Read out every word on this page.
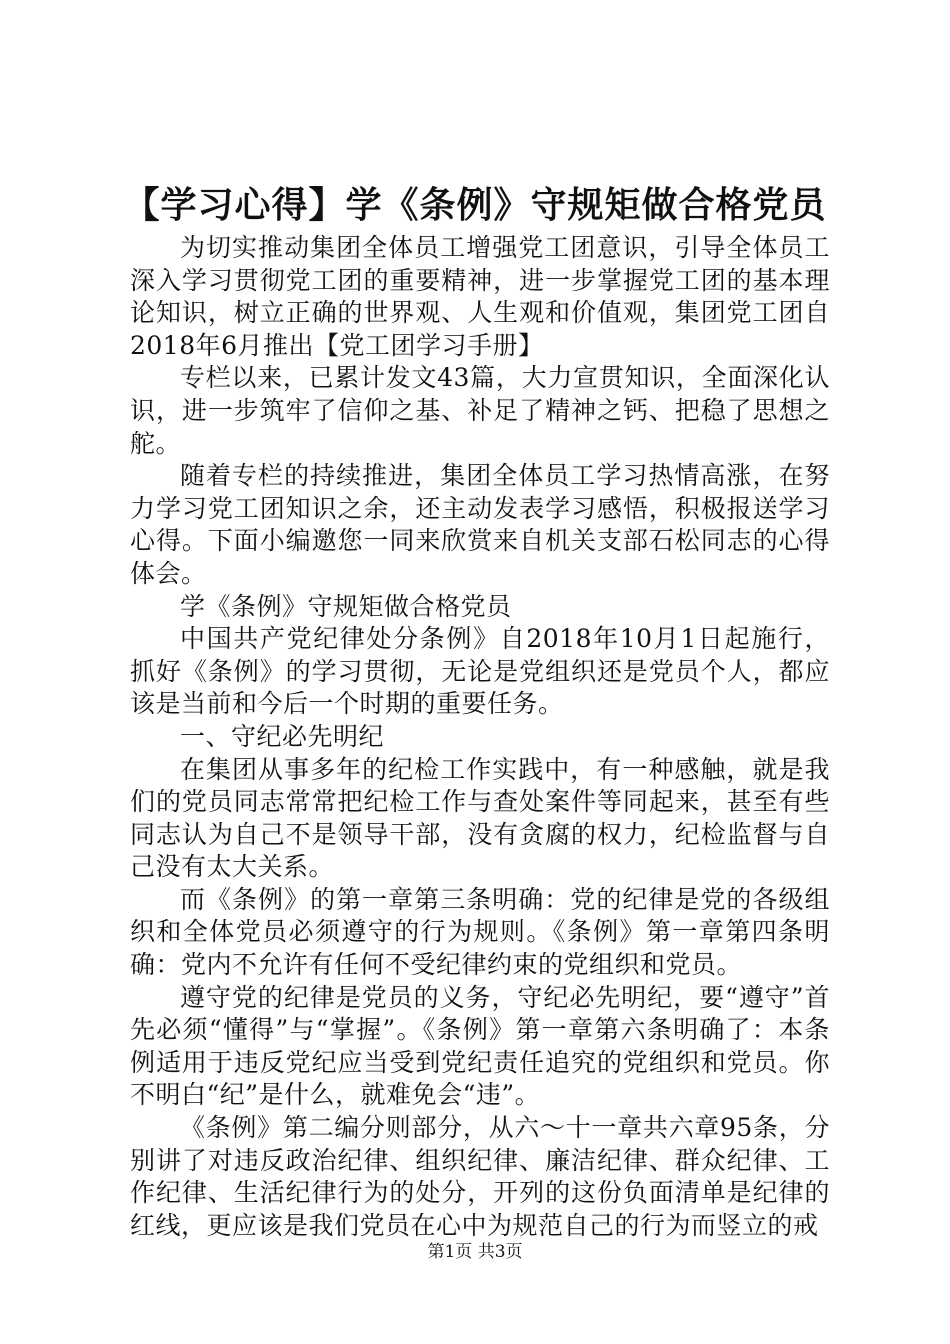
【学习心得】学《条例》守规矩做合格党员

为切实推动集团全体员工增强党工团意识，引导全体员工深入学习贯彻党工团的重要精神，进一步掌握党工团的基本理论知识，树立正确的世界观、人生观和价值观，集团党工团自2018年6月推出【党工团学习手册】

专栏以来，已累计发文43篇，大力宣贯知识，全面深化认识，进一步筑牢了信仰之基、补足了精神之钙、把稳了思想之舵。

随着专栏的持续推进，集团全体员工学习热情高涨，在努力学习党工团知识之余，还主动发表学习感悟，积极报送学习心得。下面小编邀您一同来欣赏来自机关支部石松同志的心得体会。

学《条例》守规矩做合格党员

中国共产党纪律处分条例》自2018年10月1日起施行，抓好《条例》的学习贯彻，无论是党组织还是党员个人，都应该是当前和今后一个时期的重要任务。

一、守纪必先明纪

在集团从事多年的纪检工作实践中，有一种感触，就是我们的党员同志常常把纪检工作与查处案件等同起来，甚至有些同志认为自己不是领导干部，没有贪腐的权力，纪检监督与自己没有太大关系。

而《条例》的第一章第三条明确：党的纪律是党的各级组织和全体党员必须遵守的行为规则。《条例》第一章第四条明确：党内不允许有任何不受纪律约束的党组织和党员。

遵守党的纪律是党员的义务，守纪必先明纪，要“遵守”首先必须“懂得”与“掌握”。《条例》第一章第六条明确了：本条例适用于违反党纪应当受到党纪责任追究的党组织和党员。你不明白“纪”是什么，就难免会“违”。

《条例》第二编分则部分，从六～十一章共六章95条，分别讲了对违反政治纪律、组织纪律、廉洁纪律、群众纪律、工作纪律、生活纪律行为的处分，开列的这份负面清单是纪律的红线，更应该是我们党员在心中为规范自己的行为而竖立的戒

第1页 共3页
